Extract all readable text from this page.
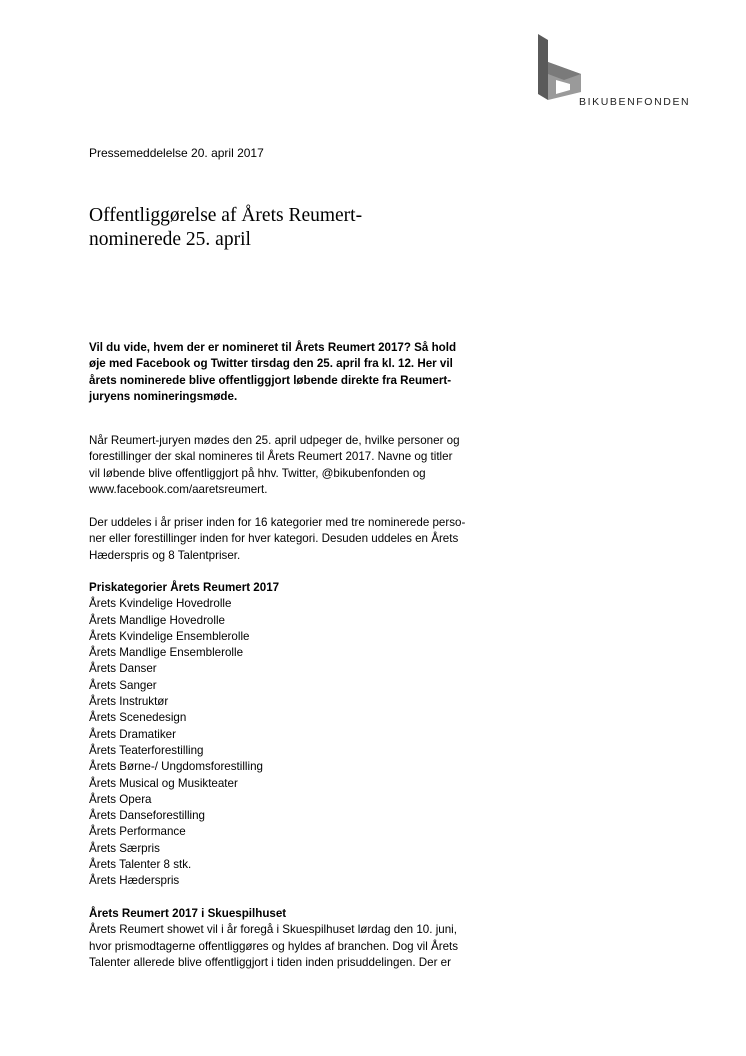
BIKUBENFONDEN
Pressemeddelelse 20. april 2017
Offentliggørelse af Årets Reumert-
nominerede 25. april
Vil du vide, hvem der er nomineret til Årets Reumert 2017? Så hold
øje med Facebook og Twitter tirsdag den 25. april fra kl. 12. Her vil
årets nominerede blive offentliggjort løbende direkte fra Reumert-
juryens nomineringsmøde.
Når Reumert-juryen mødes den 25. april udpeger de, hvilke personer og
forestillinger der skal nomineres til Årets Reumert 2017. Navne og titler
vil løbende blive offentliggjort på hhv. Twitter, @bikubenfonden og
www.facebook.com/aaretsreumert.
Der uddeles i år priser inden for 16 kategorier med tre nominerede perso-
ner eller forestillinger inden for hver kategori. Desuden uddeles en Årets
Hæderspris og 8 Talentpriser.
Priskategorier Årets Reumert 2017
Årets Kvindelige Hovedrolle
Årets Mandlige Hovedrolle
Årets Kvindelige Ensemblerolle
Årets Mandlige Ensemblerolle
Årets Danser
Årets Sanger
Årets Instruktør
Årets Scenedesign
Årets Dramatiker
Årets Teaterforestilling
Årets Børne-/ Ungdomsforestilling
Årets Musical og Musikteater
Årets Opera
Årets Danseforestilling
Årets Performance
Årets Særpris
Årets Talenter 8 stk.
Årets Hæderspris
Årets Reumert 2017 i Skuespilhuset
Årets Reumert showet vil i år foregå i Skuespilhuset lørdag den 10. juni,
hvor prismodtagerne offentliggøres og hyldes af branchen. Dog vil Årets
Talenter allerede blive offentliggjort i tiden inden prisuddelingen. Der er
